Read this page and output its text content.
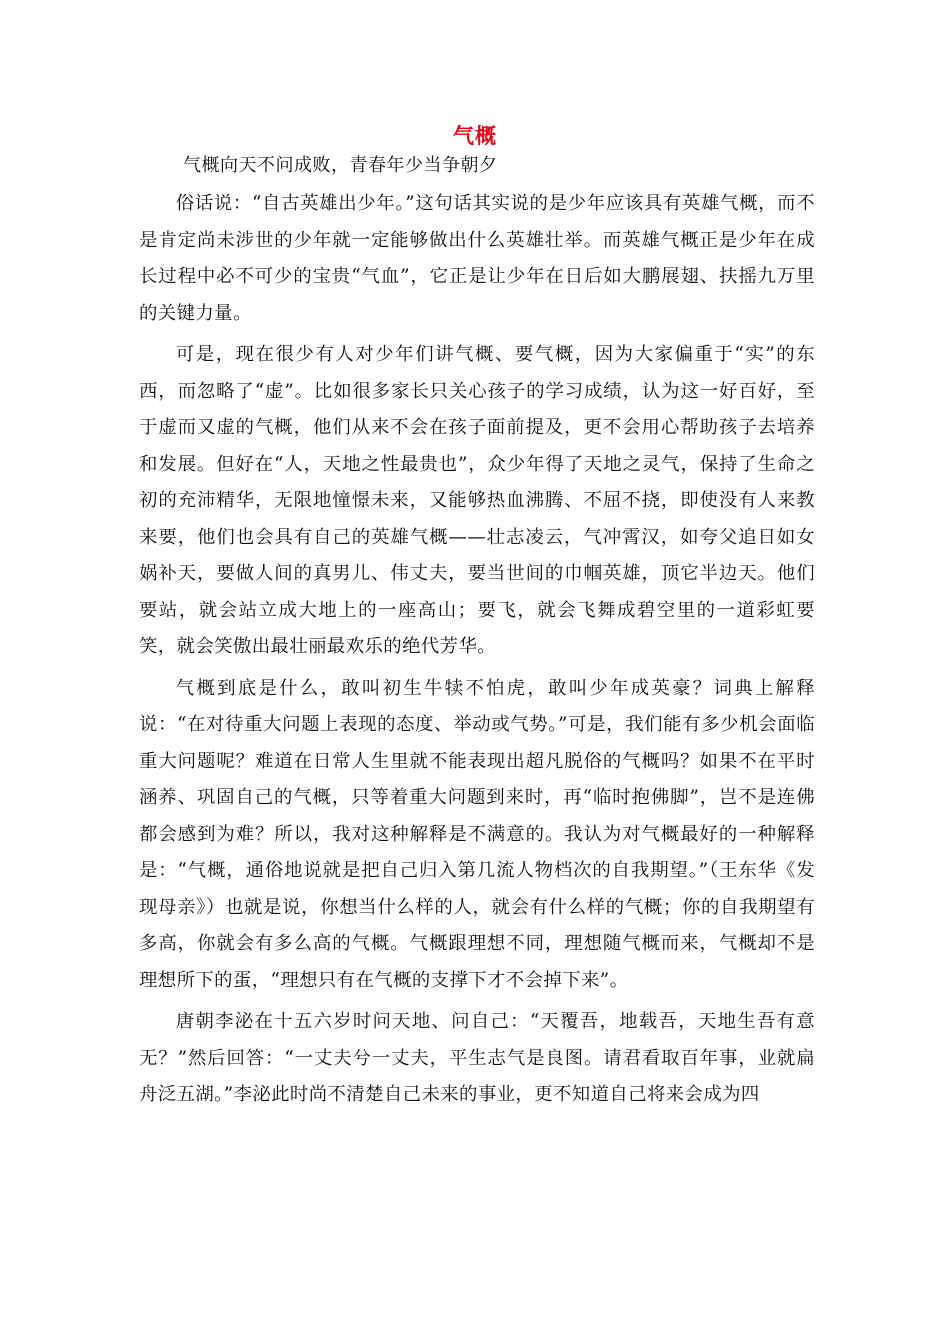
气概
气概向天不问成败，青春年少当争朝夕

俗话说：“自古英雄出少年。”这句话其实说的是少年应该具有英雄气概，而不是肯定尚未涉世的少年就一定能够做出什么英雄壮举。而英雄气概正是少年在成长过程中必不可少的宝贵“气血”，它正是让少年在日后如大鹏展翅、扶摇九万里的关键力量。

可是，现在很少有人对少年们讲气概、要气概，因为大家偏重于“实”的东西，而忽略了“虚”。比如很多家长只关心孩子的学习成绩，认为这一好百好，至于虚而又虚的气概，他们从来不会在孩子面前提及，更不会用心帮助孩子去培养和发展。但好在“人，天地之性最贵也”，众少年得了天地之灵气，保持了生命之初的充沛精华，无限地憧憬未来，又能够热血沸腾、不屈不挠，即使没有人来教来要，他们也会具有自己的英雄气概——壮志凌云，气冲霄汉，如夸父追日如女娲补天，要做人间的真男儿、伟丈夫，要当世间的巾帼英雄，顶它半边天。他们要站，就会站立成大地上的一座高山；要飞，就会飞舞成碧空里的一道彩虹要笑，就会笑傲出最壮丽最欢乐的绝代芳华。

气概到底是什么，敢叫初生牛犊不怕虎，敢叫少年成英豪？词典上解释说：“在对待重大问题上表现的态度、举动或气势。”可是，我们能有多少机会面临重大问题呢？难道在日常人生里就不能表现出超凡脱俗的气概吗？如果不在平时涵养、巩固自己的气概，只等着重大问题到来时，再“临时抱佛脚”，岂不是连佛都会感到为难？所以，我对这种解释是不满意的。我认为对气概最好的一种解释是：“气概，通俗地说就是把自己归入第几流人物档次的自我期望。”（王东华《发现母亲》）也就是说，你想当什么样的人，就会有什么样的气概；你的自我期望有多高，你就会有多么高的气概。气概跟理想不同，理想随气概而来，气概却不是理想所下的蛋，“理想只有在气概的支撑下才不会掉下来”。

唐朝李泌在十五六岁时问天地、问自己：“天覆吾，地载吾，天地生吾有意无？”然后回答：“一丈夫兮一丈夫，平生志气是良图。请君看取百年事，业就扁舟泛五湖。”李泌此时尚不清楚自己未来的事业，更不知道自己将来会成为四
